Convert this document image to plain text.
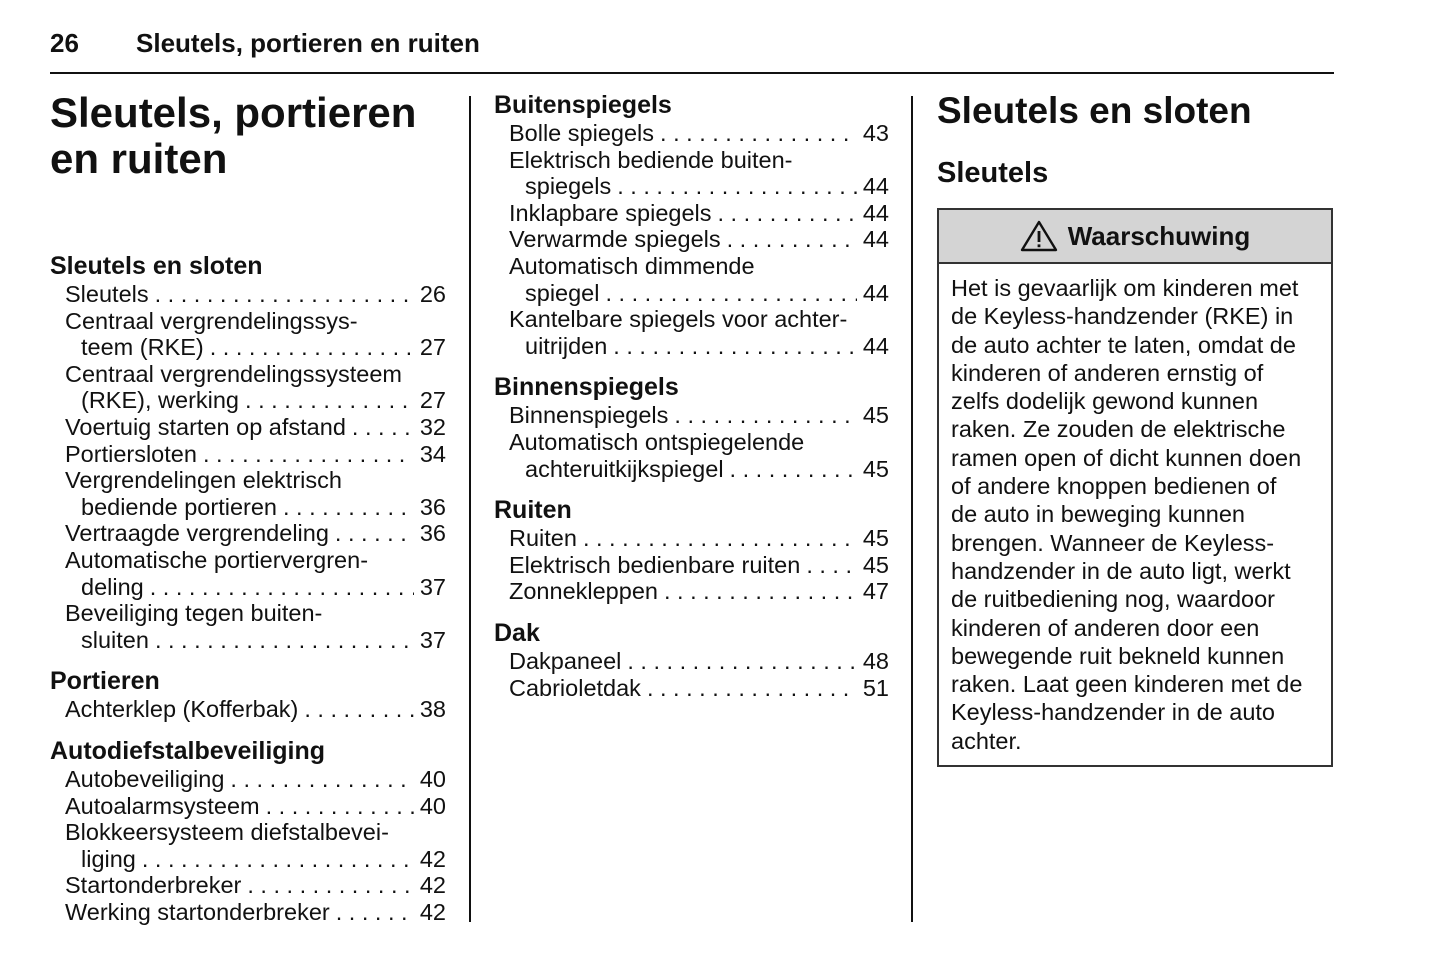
26 Sleutels, portieren en ruiten
Sleutels, portieren
en ruiten
Sleutels en sloten
Sleutels . . .	26
Centraal vergrendelingssys-
teem (RKE) . . .	27
Centraal vergrendelingssysteem
(RKE), werking . . .	27
Voertuig starten op afstand . . .	32
Portiersloten . . .	34
Vergrendelingen elektrisch
bediende portieren . . .	36
Vertraagde vergrendeling . . .	36
Automatische portiervergren-
deling . . .	37
Beveiliging tegen buiten-
sluiten . . .	37
Portieren
Achterklep (Kofferbak) . . .	38
Autodiefstalbeveiliging
Autobeveiliging . . .	40
Autoalarmsysteem . . .	40
Blokkeersysteem diefstalbevei-
liging . . .	42
Startonderbreker . . .	42
Werking startonderbreker . . .	42
Buitenspiegels
Bolle spiegels . . .	43
Elektrisch bediende buiten-
spiegels . . .	44
Inklapbare spiegels . . .	44
Verwarmde spiegels . . .	44
Automatisch dimmende
spiegel . . .	44
Kantelbare spiegels voor achter-
uitrijden . . .	44
Binnenspiegels
Binnenspiegels . . .	45
Automatisch ontspiegelende
achteruitkijkspiegel . . .	45
Ruiten
Ruiten . . .	45
Elektrisch bedienbare ruiten . . .	45
Zonnekleppen . . .	47
Dak
Dakpaneel . . .	48
Cabrioletdak . . .	51
Sleutels en sloten
Sleutels
Waarschuwing
Het is gevaarlijk om kinderen met
de Keyless-handzender (RKE) in
de auto achter te laten, omdat de
kinderen of anderen ernstig of
zelfs dodelijk gewond kunnen
raken. Ze zouden de elektrische
ramen open of dicht kunnen doen
of andere knoppen bedienen of
de auto in beweging kunnen
brengen. Wanneer de Keyless-
handzender in de auto ligt, werkt
de ruitbediening nog, waardoor
kinderen of anderen door een
bewegende ruit bekneld kunnen
raken. Laat geen kinderen met de
Keyless-handzender in de auto
achter.
